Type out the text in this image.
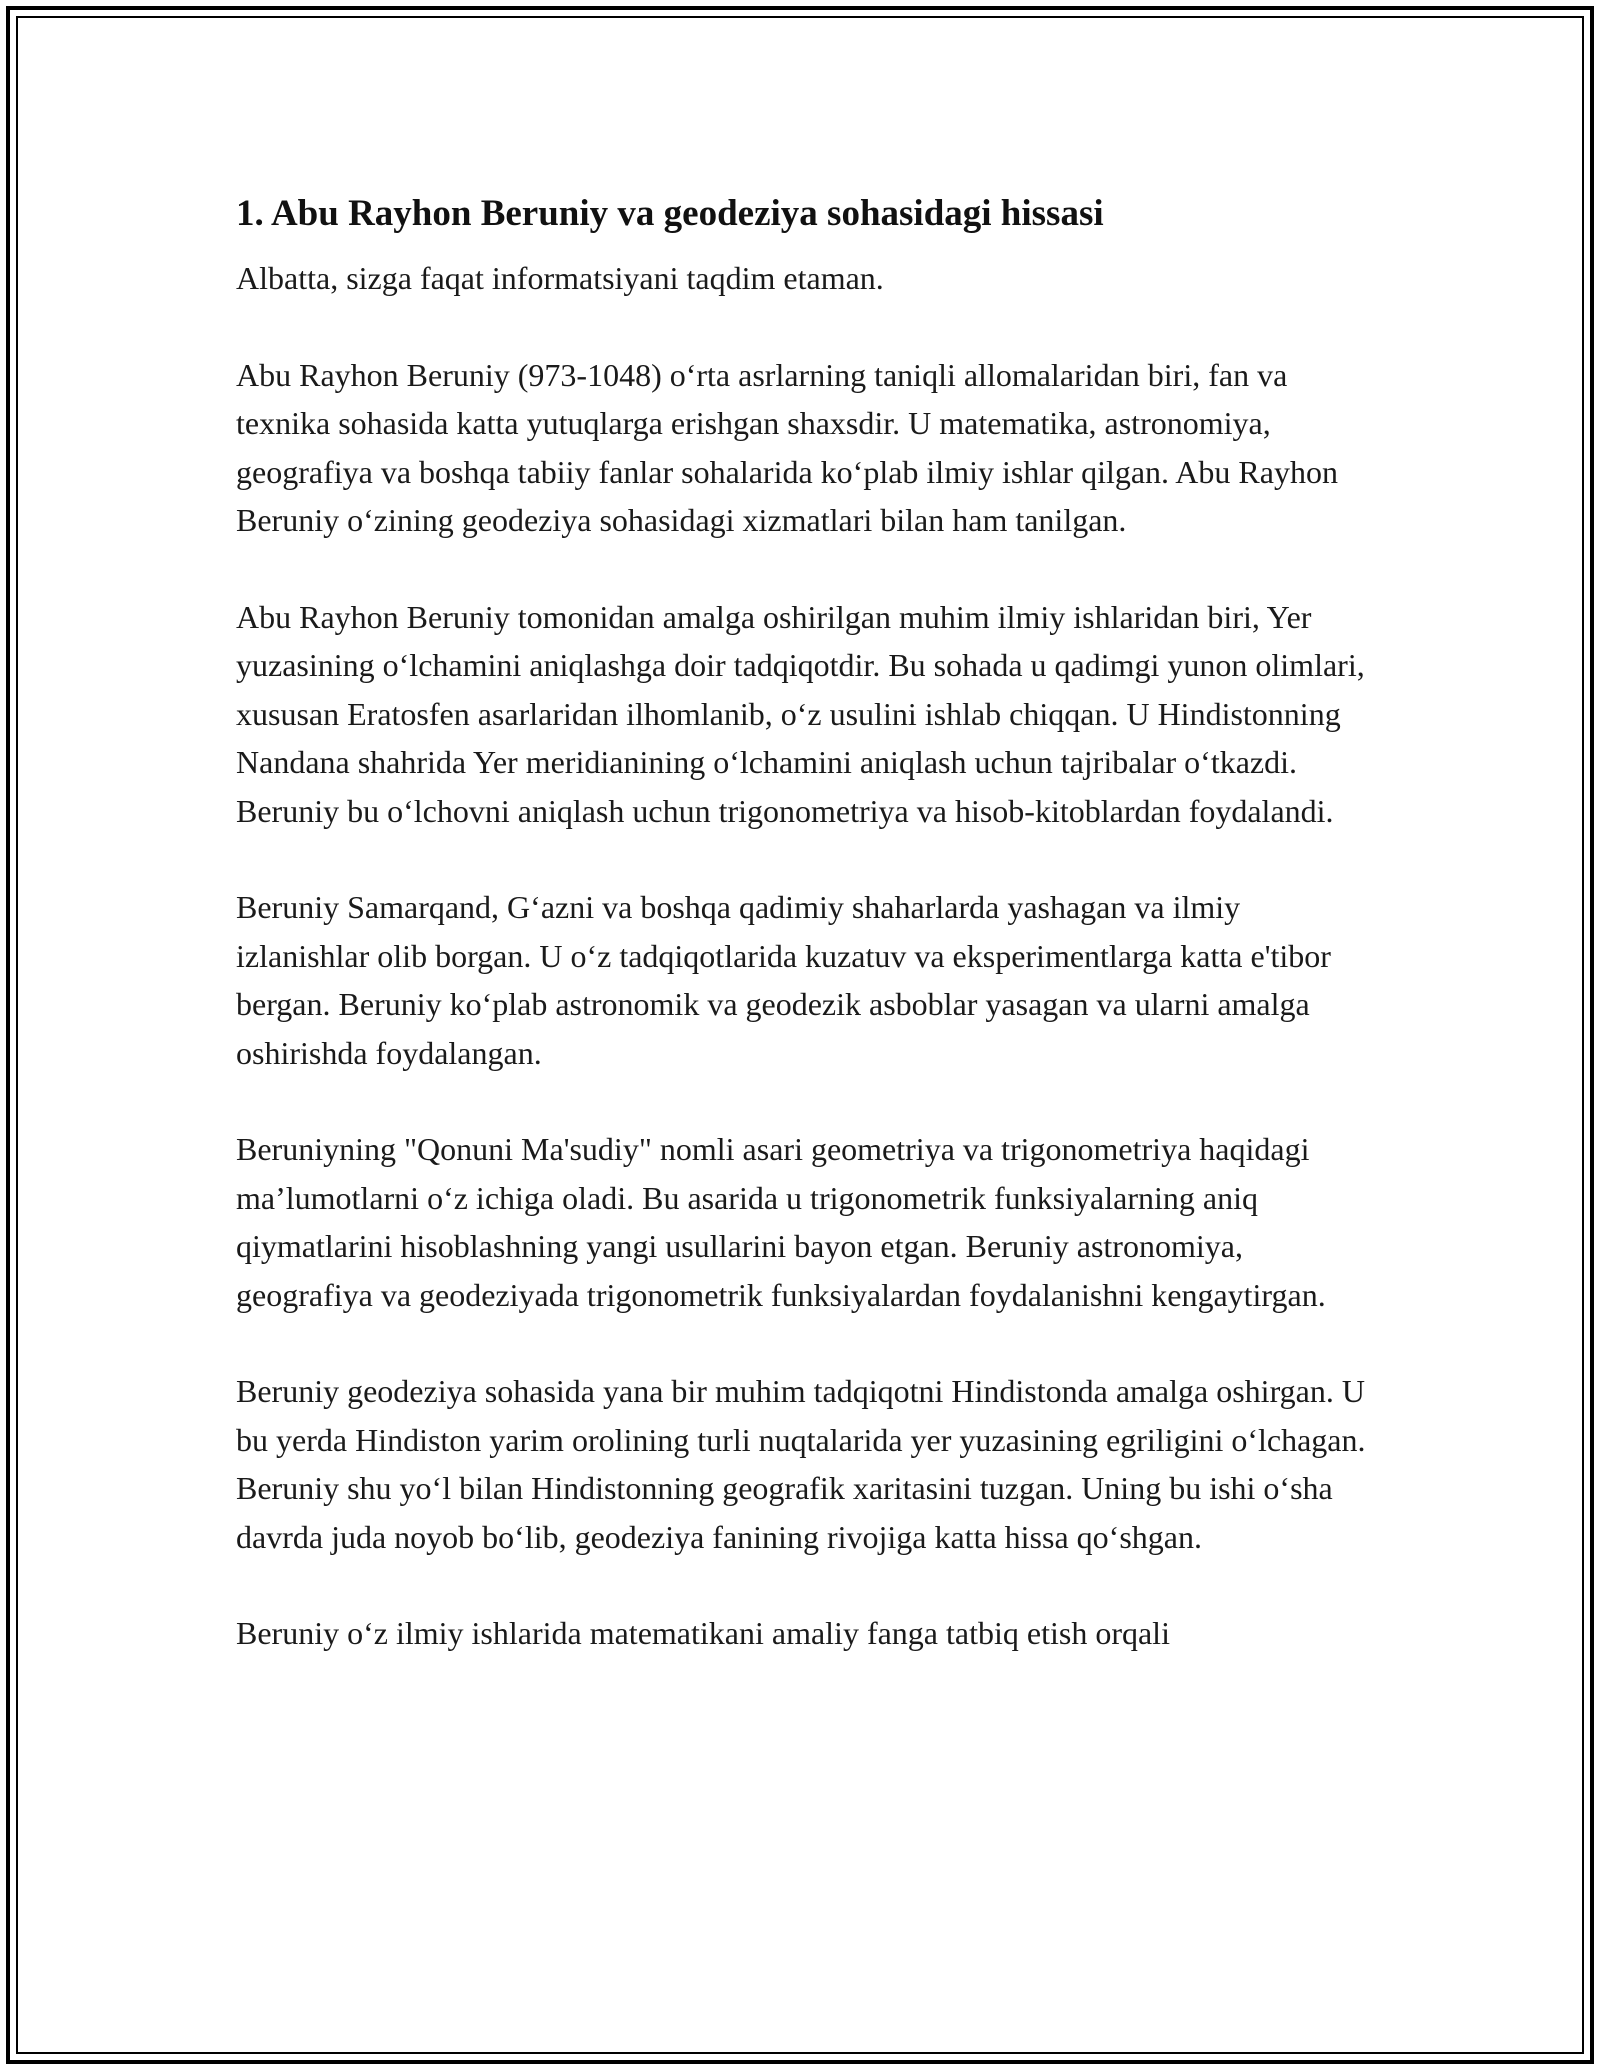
1. Abu Rayhon Beruniy va geodeziya sohasidagi hissasi

Albatta, sizga faqat informatsiyani taqdim etaman.

Abu Rayhon Beruniy (973-1048) o‘rta asrlarning taniqli allomalaridan biri, fan va texnika sohasida katta yutuqlarga erishgan shaxsdir. U matematika, astronomiya, geografiya va boshqa tabiiy fanlar sohalarida ko‘plab ilmiy ishlar qilgan. Abu Rayhon Beruniy o‘zining geodeziya sohasidagi xizmatlari bilan ham tanilgan.

Abu Rayhon Beruniy tomonidan amalga oshirilgan muhim ilmiy ishlaridan biri, Yer yuzasining o‘lchamini aniqlashga doir tadqiqotdir. Bu sohada u qadimgi yunon olimlari, xususan Eratosfen asarlaridan ilhomlanib, o‘z usulini ishlab chiqqan. U Hindistonning Nandana shahrida Yer meridianining o‘lchamini aniqlash uchun tajribalar o‘tkazdi. Beruniy bu o‘lchovni aniqlash uchun trigonometriya va hisob-kitoblardan foydalandi.

Beruniy Samarqand, G‘azni va boshqa qadimiy shaharlarda yashagan va ilmiy izlanishlar olib borgan. U o‘z tadqiqotlarida kuzatuv va eksperimentlarga katta e'tibor bergan. Beruniy ko‘plab astronomik va geodezik asboblar yasagan va ularni amalga oshirishda foydalangan.

Beruniyning "Qonuni Ma'sudiy" nomli asari geometriya va trigonometriya haqidagi ma’lumotlarni o‘z ichiga oladi. Bu asarida u trigonometrik funksiyalarning aniq qiymatlarini hisoblashning yangi usullarini bayon etgan. Beruniy astronomiya, geografiya va geodeziyada trigonometrik funksiyalardan foydalanishni kengaytirgan.

Beruniy geodeziya sohasida yana bir muhim tadqiqotni Hindistonda amalga oshirgan. U bu yerda Hindiston yarim orolining turli nuqtalarida yer yuzasining egriligini o‘lchagan. Beruniy shu yo‘l bilan Hindistonning geografik xaritasini tuzgan. Uning bu ishi o‘sha davrda juda noyob bo‘lib, geodeziya fanining rivojiga katta hissa qo‘shgan.

Beruniy o‘z ilmiy ishlarida matematikani amaliy fanga tatbiq etish orqali
